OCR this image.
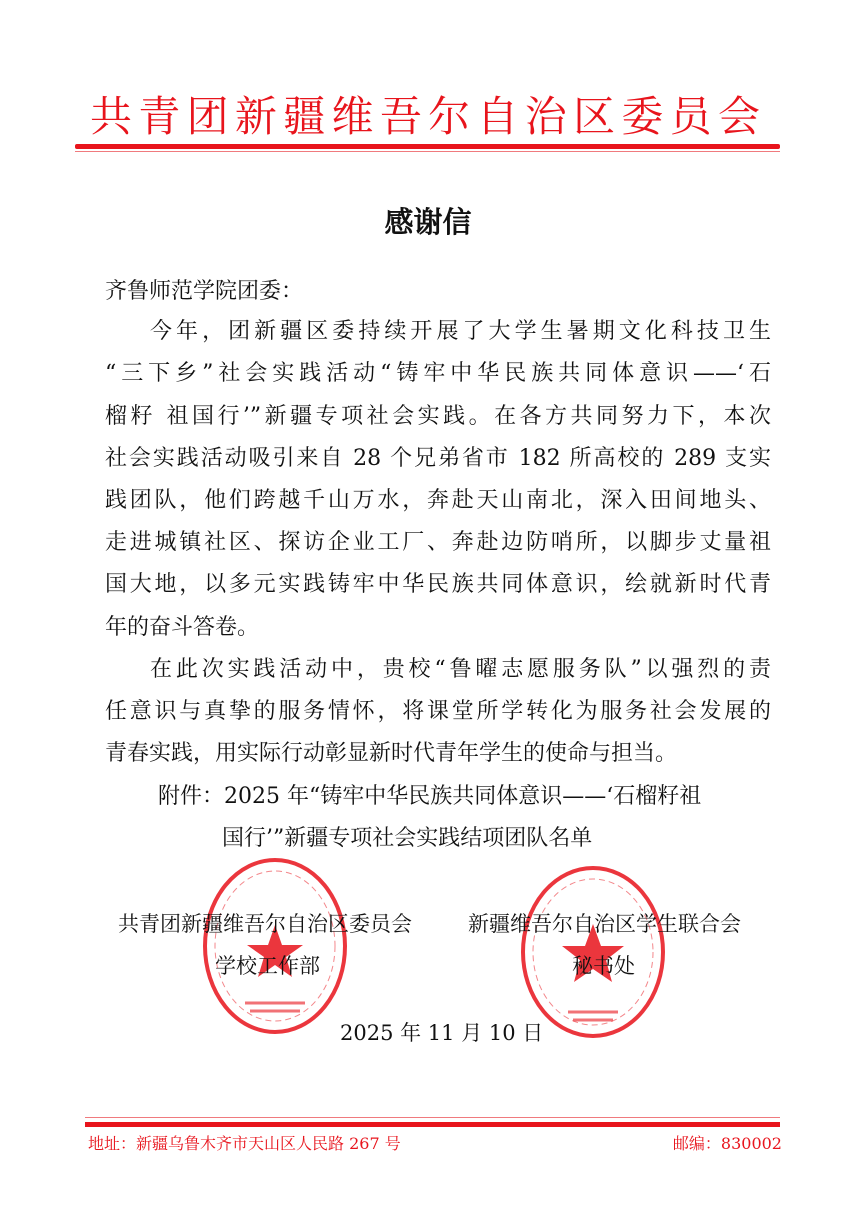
共青团新疆维吾尔自治区委员会
感谢信
齐鲁师范学院团委：
今年，团新疆区委持续开展了大学生暑期文化科技卫生
“三下乡”社会实践活动“铸牢中华民族共同体意识——‘石
榴籽 祖国行’”新疆专项社会实践。在各方共同努力下，本次
社会实践活动吸引来自 28 个兄弟省市 182 所高校的 289 支实
践团队，他们跨越千山万水，奔赴天山南北，深入田间地头、
走进城镇社区、探访企业工厂、奔赴边防哨所，以脚步丈量祖
国大地，以多元实践铸牢中华民族共同体意识，绘就新时代青
年的奋斗答卷。
在此次实践活动中，贵校“鲁曜志愿服务队”以强烈的责
任意识与真挚的服务情怀，将课堂所学转化为服务社会发展的
青春实践，用实际行动彰显新时代青年学生的使命与担当。
附件：2025 年“铸牢中华民族共同体意识——‘石榴籽祖
国行’”新疆专项社会实践结项团队名单
共青团新疆维吾尔自治区委员会
学校工作部
新疆维吾尔自治区学生联合会
秘书处
2025 年 11 月 10 日
地址：新疆乌鲁木齐市天山区人民路 267 号	邮编：830002
